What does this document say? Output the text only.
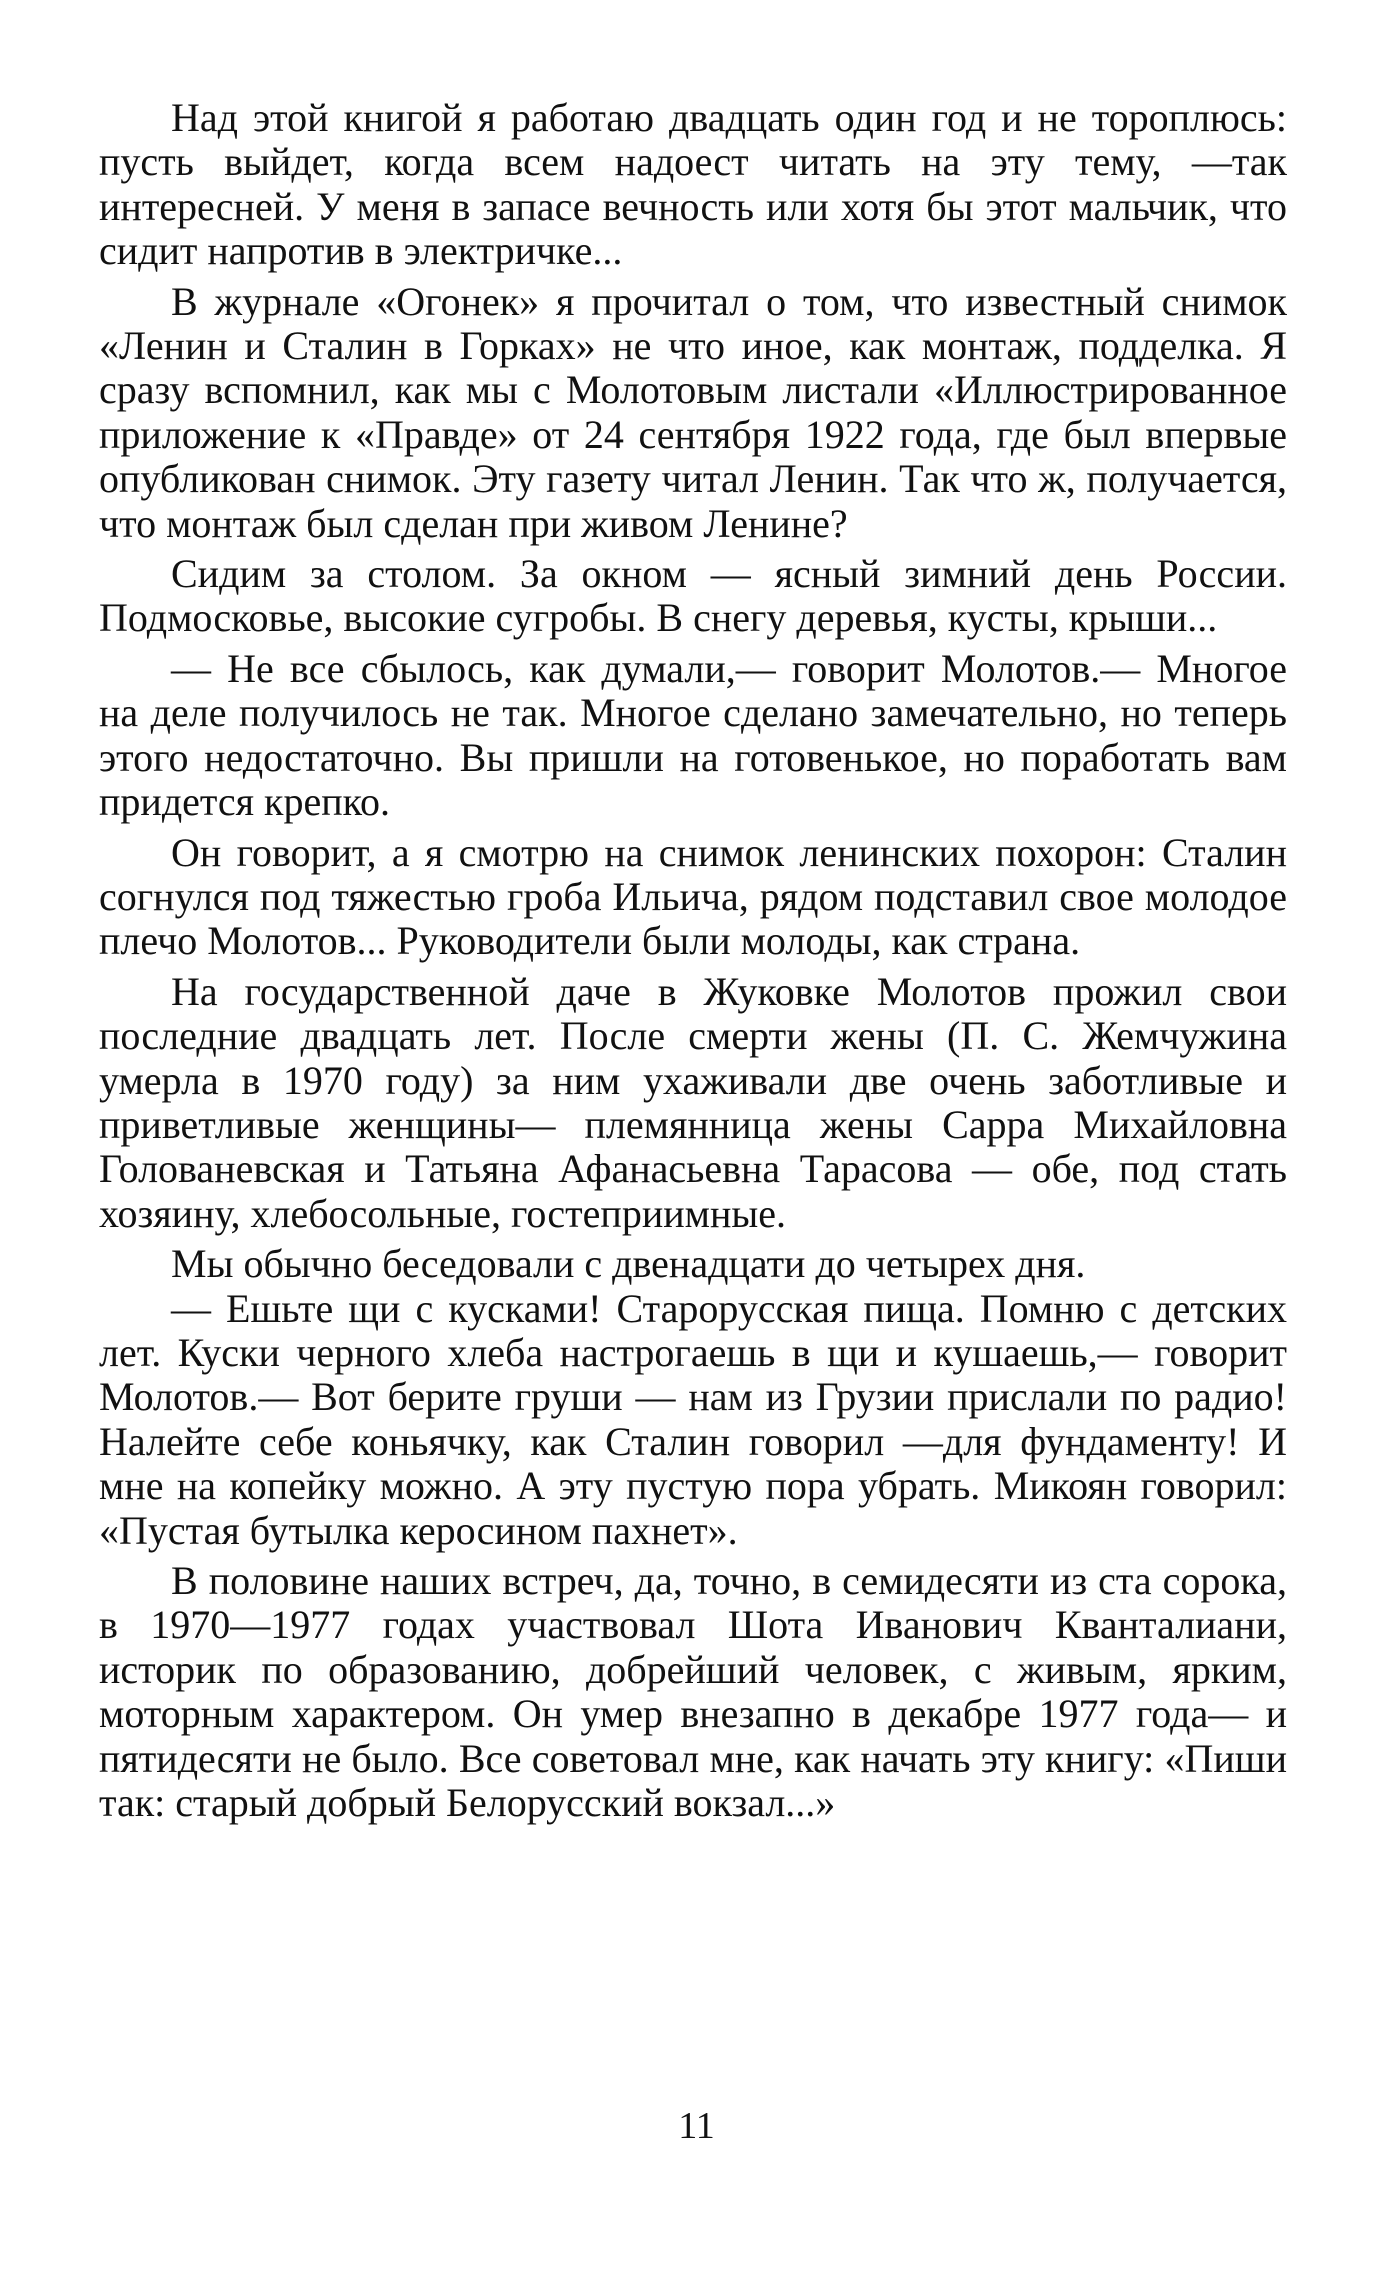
Над этой книгой я работаю двадцать один год и не тороплюсь: пусть выйдет, когда всем надоест читать на эту тему, —так интересней. У меня в запасе вечность или хотя бы этот мальчик, что сидит напротив в электричке...

В журнале «Огонек» я прочитал о том, что известный снимок «Ленин и Сталин в Горках» не что иное, как монтаж, подделка. Я сразу вспомнил, как мы с Молотовым листали «Иллюстрированное приложение к «Правде» от 24 сентября 1922 года, где был впервые опубликован снимок. Эту газету читал Ленин. Так что ж, получается, что монтаж был сделан при живом Ленине?

Сидим за столом. За окном — ясный зимний день России. Подмосковье, высокие сугробы. В снегу деревья, кусты, крыши...

— Не все сбылось, как думали,— говорит Молотов.— Многое на деле получилось не так. Многое сделано замечательно, но теперь этого недостаточно. Вы пришли на готовенькое, но поработать вам придется крепко.

Он говорит, а я смотрю на снимок ленинских похорон: Сталин согнулся под тяжестью гроба Ильича, рядом подставил свое молодое плечо Молотов... Руководители были молоды, как страна.

На государственной даче в Жуковке Молотов прожил свои последние двадцать лет. После смерти жены (П. С. Жемчужина умерла в 1970 году) за ним ухаживали две очень заботливые и приветливые женщины— племянница жены Сарра Михайловна Голованевская и Татьяна Афанасьевна Тарасова — обе, под стать хозяину, хлебосольные, гостеприимные.

Мы обычно беседовали с двенадцати до четырех дня.

— Ешьте щи с кусками! Старорусская пища. Помню с детских лет. Куски черного хлеба настрогаешь в щи и кушаешь,— говорит Молотов.— Вот берите груши — нам из Грузии прислали по радио! Налейте себе коньячку, как Сталин говорил —для фундаменту! И мне на копейку можно. А эту пустую пора убрать. Микоян говорил: «Пустая бутылка керосином пахнет».

В половине наших встреч, да, точно, в семидесяти из ста сорока, в 1970—1977 годах участвовал Шота Иванович Кванталиани, историк по образованию, добрейший человек, с живым, ярким, моторным характером. Он умер внезапно в декабре 1977 года— и пятидесяти не было. Все советовал мне, как начать эту книгу: «Пиши так: старый добрый Белорусский вокзал...»

11
